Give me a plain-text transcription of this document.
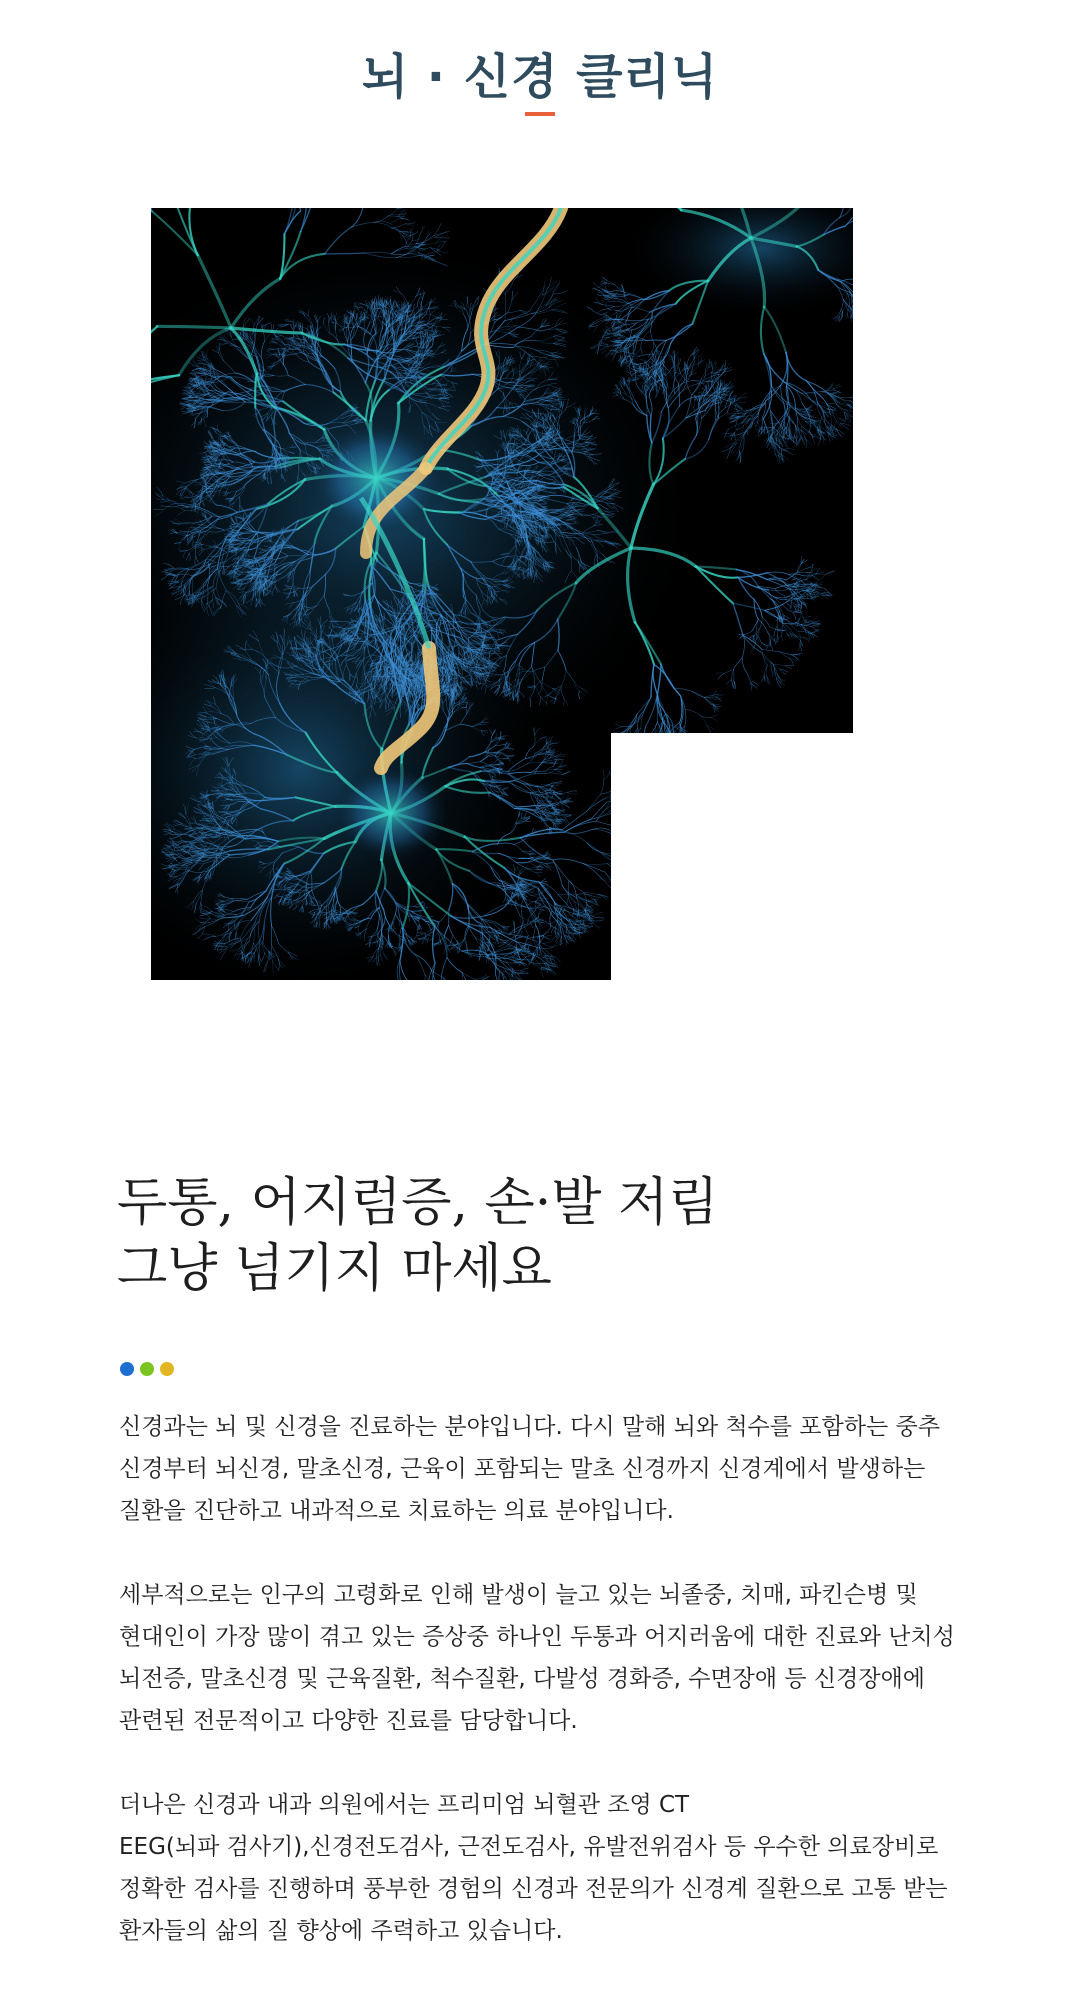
뇌 · 신경 클리닉
두통, 어지럼증, 손·발 저림
그냥 넘기지 마세요

신경과는 뇌 및 신경을 진료하는 분야입니다. 다시 말해 뇌와 척수를 포함하는 중추
신경부터 뇌신경, 말초신경, 근육이 포함되는 말초 신경까지 신경계에서 발생하는
질환을 진단하고 내과적으로 치료하는 의료 분야입니다.

세부적으로는 인구의 고령화로 인해 발생이 늘고 있는 뇌졸중, 치매, 파킨슨병 및
현대인이 가장 많이 겪고 있는 증상중 하나인 두통과 어지러움에 대한 진료와 난치성
뇌전증, 말초신경 및 근육질환, 척수질환, 다발성 경화증, 수면장애 등 신경장애에
관련된 전문적이고 다양한 진료를 담당합니다.

더나은 신경과 내과 의원에서는 프리미엄 뇌혈관 조영 CT
EEG(뇌파 검사기),신경전도검사, 근전도검사, 유발전위검사 등 우수한 의료장비로
정확한 검사를 진행하며 풍부한 경험의 신경과 전문의가 신경계 질환으로 고통 받는
환자들의 삶의 질 향상에 주력하고 있습니다.
